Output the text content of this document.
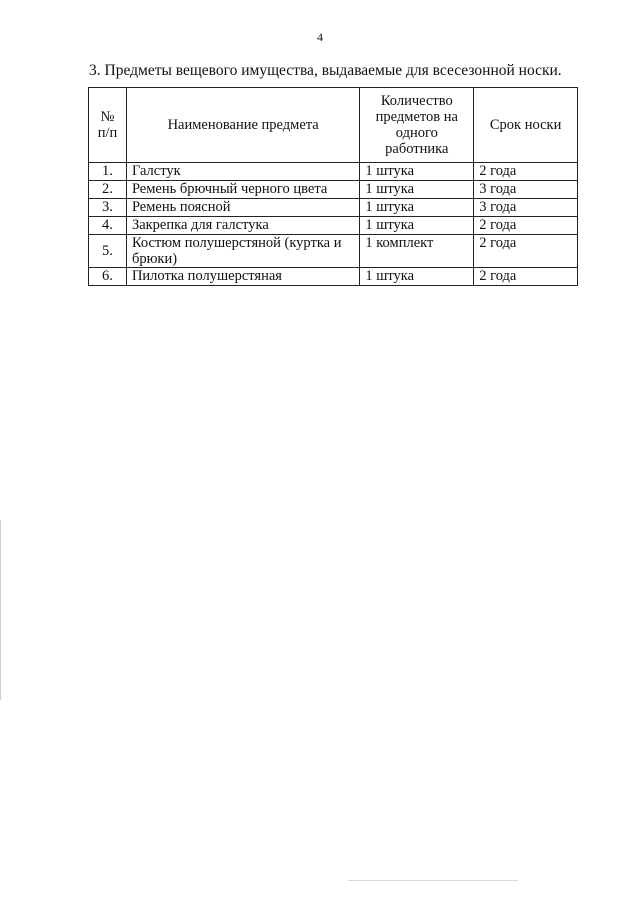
4
3. Предметы вещевого имущества, выдаваемые для всесезонной носки.
№
п/п	Наименование предмета	Количество
предметов на
одного
работника	Срок носки
1.	Галстук	1 штука	2 года
2.	Ремень брючный черного цвета	1 штука	3 года
3.	Ремень поясной	1 штука	3 года
4.	Закрепка для галстука	1 штука	2 года
5.	Костюм полушерстяной (куртка и брюки)	1 комплект	2 года
6.	Пилотка полушерстяная	1 штука	2 года
